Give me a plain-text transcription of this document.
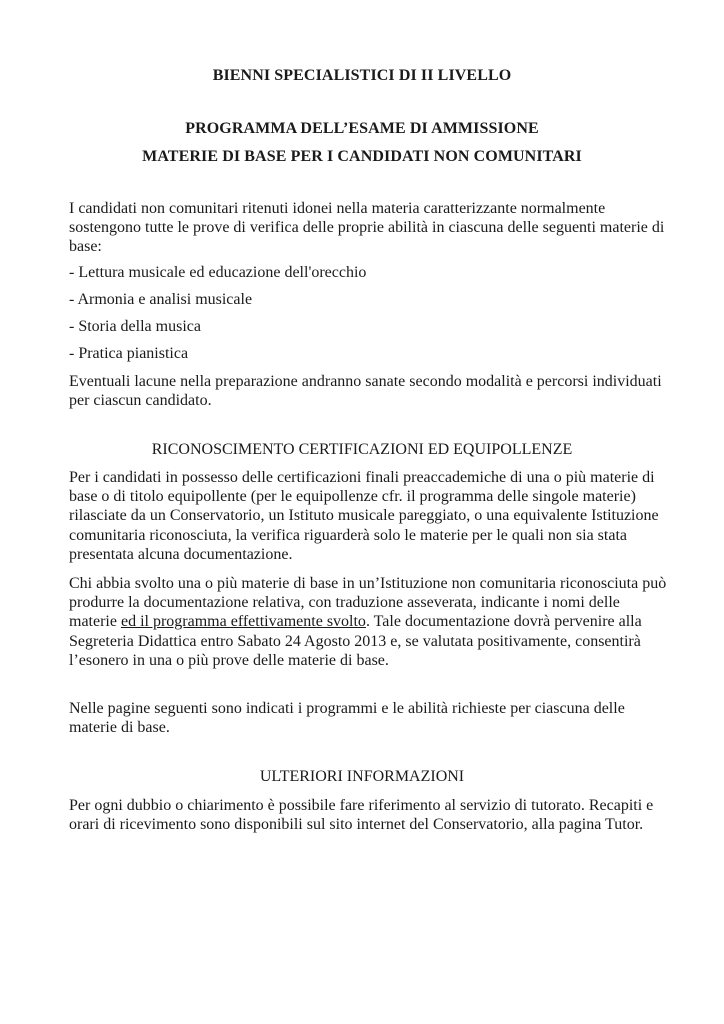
BIENNI SPECIALISTICI DI II LIVELLO
PROGRAMMA DELL’ESAME DI AMMISSIONE
MATERIE DI BASE PER I CANDIDATI NON COMUNITARI

I candidati non comunitari ritenuti idonei nella materia caratterizzante normalmente sostengono tutte le prove di verifica delle proprie abilità in ciascuna delle seguenti materie di base:

- Lettura musicale ed educazione dell'orecchio
- Armonia e analisi musicale
- Storia della musica
- Pratica pianistica
Eventuali lacune nella preparazione andranno sanate secondo modalità e percorsi individuati per ciascun candidato.
RICONOSCIMENTO CERTIFICAZIONI ED EQUIPOLLENZE
Per i candidati in possesso delle certificazioni finali preaccademiche di una o più materie di base o di titolo equipollente (per le equipollenze cfr. il programma delle singole materie) rilasciate da un Conservatorio, un Istituto musicale pareggiato, o una equivalente Istituzione comunitaria riconosciuta, la verifica riguarderà solo le materie per le quali non sia stata presentata alcuna documentazione.
Chi abbia svolto una o più materie di base in un’Istituzione non comunitaria riconosciuta può produrre la documentazione relativa, con traduzione asseverata, indicante i nomi delle materie ed il programma effettivamente svolto. Tale documentazione dovrà pervenire alla Segreteria Didattica entro Sabato 24 Agosto 2013 e, se valutata positivamente, consentirà l’esonero in una o più prove delle materie di base.
Nelle pagine seguenti sono indicati i programmi e le abilità richieste per ciascuna delle materie di base.
ULTERIORI INFORMAZIONI
Per ogni dubbio o chiarimento è possibile fare riferimento al servizio di tutorato. Recapiti e orari di ricevimento sono disponibili sul sito internet del Conservatorio, alla pagina Tutor.
